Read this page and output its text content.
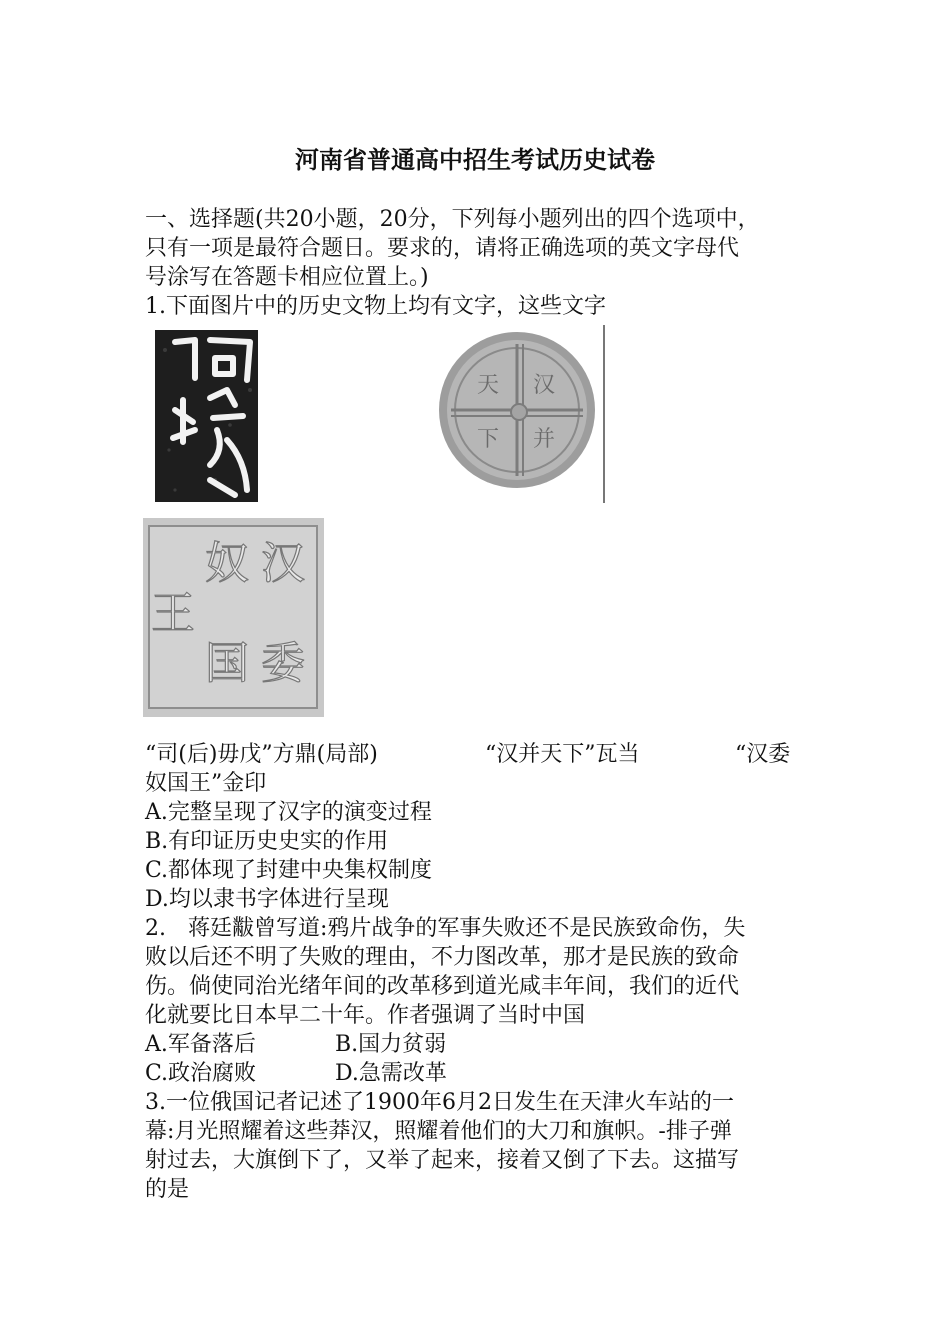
河南省普通高中招生考试历史试卷
一、选择题(共20小题，20分，下列每小题列出的四个选项中，
只有一项是最符合题日。要求的，请将正确选项的英文字母代
号涂写在答题卡相应位置上。)
1.下面图片中的历史文物上均有文字，这些文字
汉
并
天
下
汉
委
奴
国
王
“司(后)毋戊”方鼎(局部)	“汉并天下”瓦当	“汉委
奴国王”金印
A.完整呈现了汉字的演变过程
B.有印证历史史实的作用
C.都体现了封建中央集权制度
D.均以隶书字体进行呈现
2.　蒋廷黻曾写道:鸦片战争的军事失败还不是民族致命伤，失
败以后还不明了失败的理由，不力图改革，那才是民族的致命
伤。倘使同治光绪年间的改革移到道光咸丰年间，我们的近代
化就要比日本早二十年。作者强调了当时中国
A.军备落后	B.国力贫弱
C.政治腐败	D.急需改革
3.一位俄国记者记述了1900年6月2日发生在天津火车站的一
幕:月光照耀着这些莽汉，照耀着他们的大刀和旗帜。-排子弹
射过去，大旗倒下了，又举了起来，接着又倒了下去。这描写
的是
